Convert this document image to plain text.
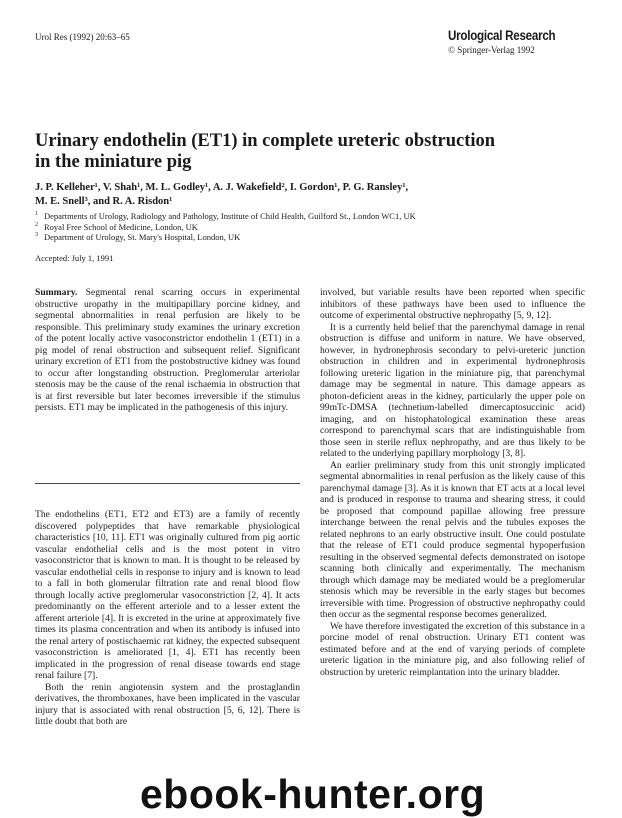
Urol Res (1992) 20:63–65	Urological Research
© Springer-Verlag 1992
Urinary endothelin (ET1) in complete ureteric obstruction
in the miniature pig
J. P. Kelleher¹, V. Shah¹, M. L. Godley¹, A. J. Wakefield², I. Gordon¹, P. G. Ransley¹,
M. E. Snell³, and R. A. Risdon¹
1 Departments of Urology, Radiology and Pathology, Institute of Child Health, Guilford St., London WC1, UK
2 Royal Free School of Medicine, London, UK
3 Department of Urology, St. Mary's Hospital, London, UK
Accepted: July 1, 1991

Summary. Segmental renal scarring occurs in experimental obstructive uropathy in the multipapillary porcine kidney, and segmental abnormalities in renal perfusion are likely to be responsible. This preliminary study examines the urinary excretion of the potent locally active vasoconstrictor endothelin 1 (ET1) in a pig model of renal obstruction and subsequent relief. Significant urinary excretion of ET1 from the postobstructive kidney was found to occur after longstanding obstruction. Preglomerular arteriolar stenosis may be the cause of the renal ischaemia in obstruction that is at first reversible but later becomes irreversible if the stimulus persists. ET1 may be implicated in the pathogenesis of this injury.

The endothelins (ET1, ET2 and ET3) are a family of recently discovered polypeptides that have remarkable physiological characteristics [10, 11]. ET1 was originally cultured from pig aortic vascular endothelial cells and is the most potent in vitro vasoconstrictor that is known to man. It is thought to be released by vascular endothelial cells in response to injury and is known to lead to a fall in both glomerular filtration rate and renal blood flow through locally active preglomerular vasoconstriction [2, 4]. It acts predominantly on the efferent arteriole and to a lesser extent the afferent arteriole [4]. It is excreted in the urine at approximately five times its plasma concentration and when its antibody is infused into the renal artery of postischaemic rat kidney, the expected subsequent vasoconstriction is ameliorated [1, 4]. ET1 has recently been implicated in the progression of renal disease towards end stage renal failure [7].

Both the renin angiotensin system and the prostaglandin derivatives, the thromboxanes, have been implicated in the vascular injury that is associated with renal obstruction [5, 6, 12]. There is little doubt that both are

involved, but variable results have been reported when specific inhibitors of these pathways have been used to influence the outcome of experimental obstructive nephropathy [5, 9, 12].

It is a currently held belief that the parenchymal damage in renal obstruction is diffuse and uniform in nature. We have observed, however, in hydronephrosis secondary to pelvi-ureteric junction obstruction in children and in experimental hydronephrosis following ureteric ligation in the miniature pig, that parenchymal damage may be segmental in nature. This damage appears as photon-deficient areas in the kidney, particularly the upper pole on 99mTc-DMSA (technetium-labelled dimercaptosuccinic acid) imaging, and on histophatological examination these areas correspond to parenchymal scars that are indistinguishable from those seen in sterile reflux nephropathy, and are thus likely to be related to the underlying papillary morphology [3, 8].

An earlier preliminary study from this unit strongly implicated segmental abnormalities in renal perfusion as the likely cause of this parenchymal damage [3]. As it is known that ET acts at a local level and is produced in response to trauma and shearing stress, it could be proposed that compound papillae allowing free pressure interchange between the renal pelvis and the tubules exposes the related nephrons to an early obstructive insult. One could postulate that the release of ET1 could produce segmental hypoperfusion resulting in the observed segmental defects demonstrated on isotope scanning both clinically and experimentally. The mechanism through which damage may be mediated would be a preglomerular stenosis which may be reversible in the early stages but becomes irreversible with time. Progression of obstructive nephropathy could then occur as the segmental response becomes generalized.

We have therefore investigated the excretion of this substance in a porcine model of renal obstruction. Urinary ET1 content was estimated before and at the end of varying periods of complete ureteric ligation in the miniature pig, and also following relief of obstruction by ureteric reimplantation into the urinary bladder.

ebook-hunter.org
